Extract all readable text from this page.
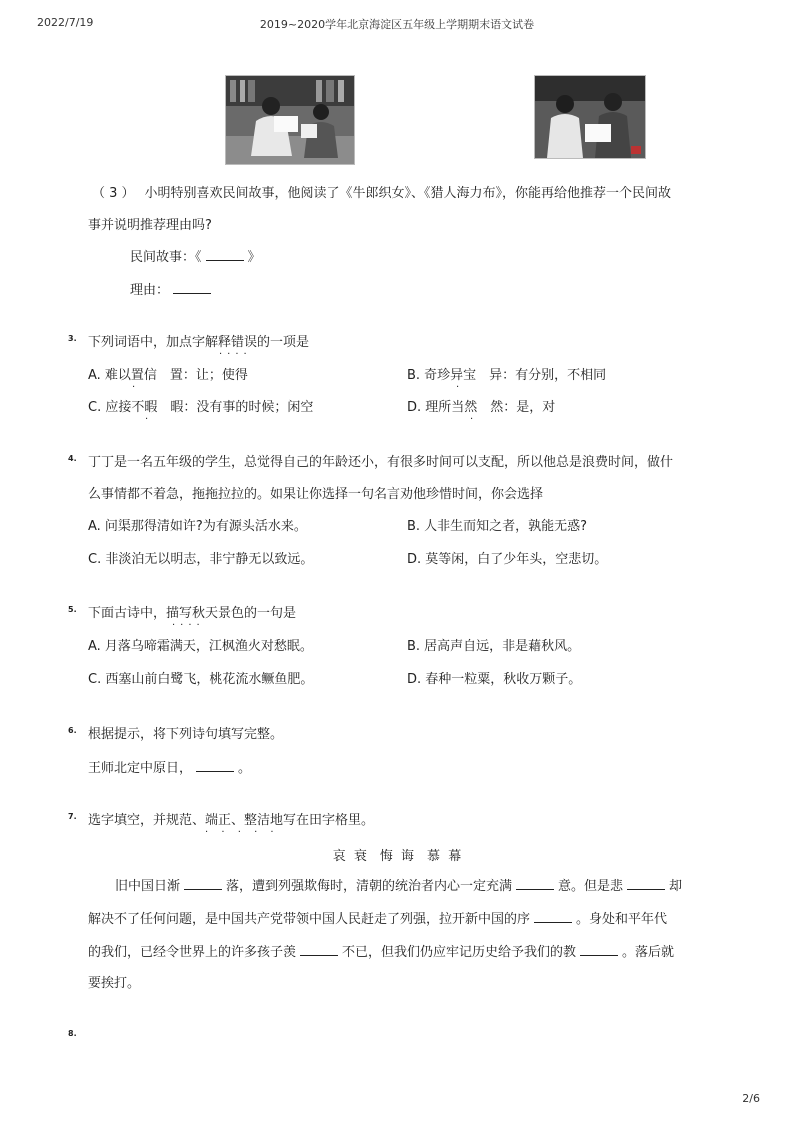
2022/7/19	2019~2020学年北京海淀区五年级上学期期末语文试卷
（ 3 ） 小明特别喜欢民间故事，他阅读了《牛郎织女》、《猎人海力布》，你能再给他推荐一个民间故
事并说明推荐理由吗?
民间故事：《	》
理由：
3. 下列词语中，加点字解释错误的一项是
····
A. 难以置信　置：让；使得	B. 奇珍异宝　异：有分别，不相同
C. 应接不暇　暇：没有事的时候；闲空	D. 理所当然　然：是，对
·	·
·	·
4. 丁丁是一名五年级的学生，总觉得自己的年龄还小，有很多时间可以支配，所以他总是浪费时间，做什
么事情都不着急，拖拖拉拉的。如果让你选择一句名言劝他珍惜时间，你会选择
A. 问渠那得清如许?为有源头活水来。	B. 人非生而知之者，孰能无惑?
C. 非淡泊无以明志，非宁静无以致远。	D. 莫等闲，白了少年头，空悲切。
5. 下面古诗中，描写秋天景色的一句是
····
A. 月落乌啼霜满天，江枫渔火对愁眠。	B. 居高声自远，非是藉秋风。
C. 西塞山前白鹭飞，桃花流水鳜鱼肥。	D. 春种一粒粟，秋收万颗子。
6. 根据提示，将下列诗句填写完整。
王师北定中原日，	。
7. 选字填空，并规范、端正、整洁地写在田字格里。
· · · · ·
哀 衰　悔 诲　慕 幕
旧中国日渐	落，遭到列强欺侮时，清朝的统治者内心一定充满	意。但是悲	却
解决不了任何问题，是中国共产党带领中国人民赶走了列强，拉开新中国的序	。身处和平年代
的我们，已经令世界上的许多孩子羡	不已，但我们仍应牢记历史给予我们的教	。落后就
要挨打。
8.
2/6
